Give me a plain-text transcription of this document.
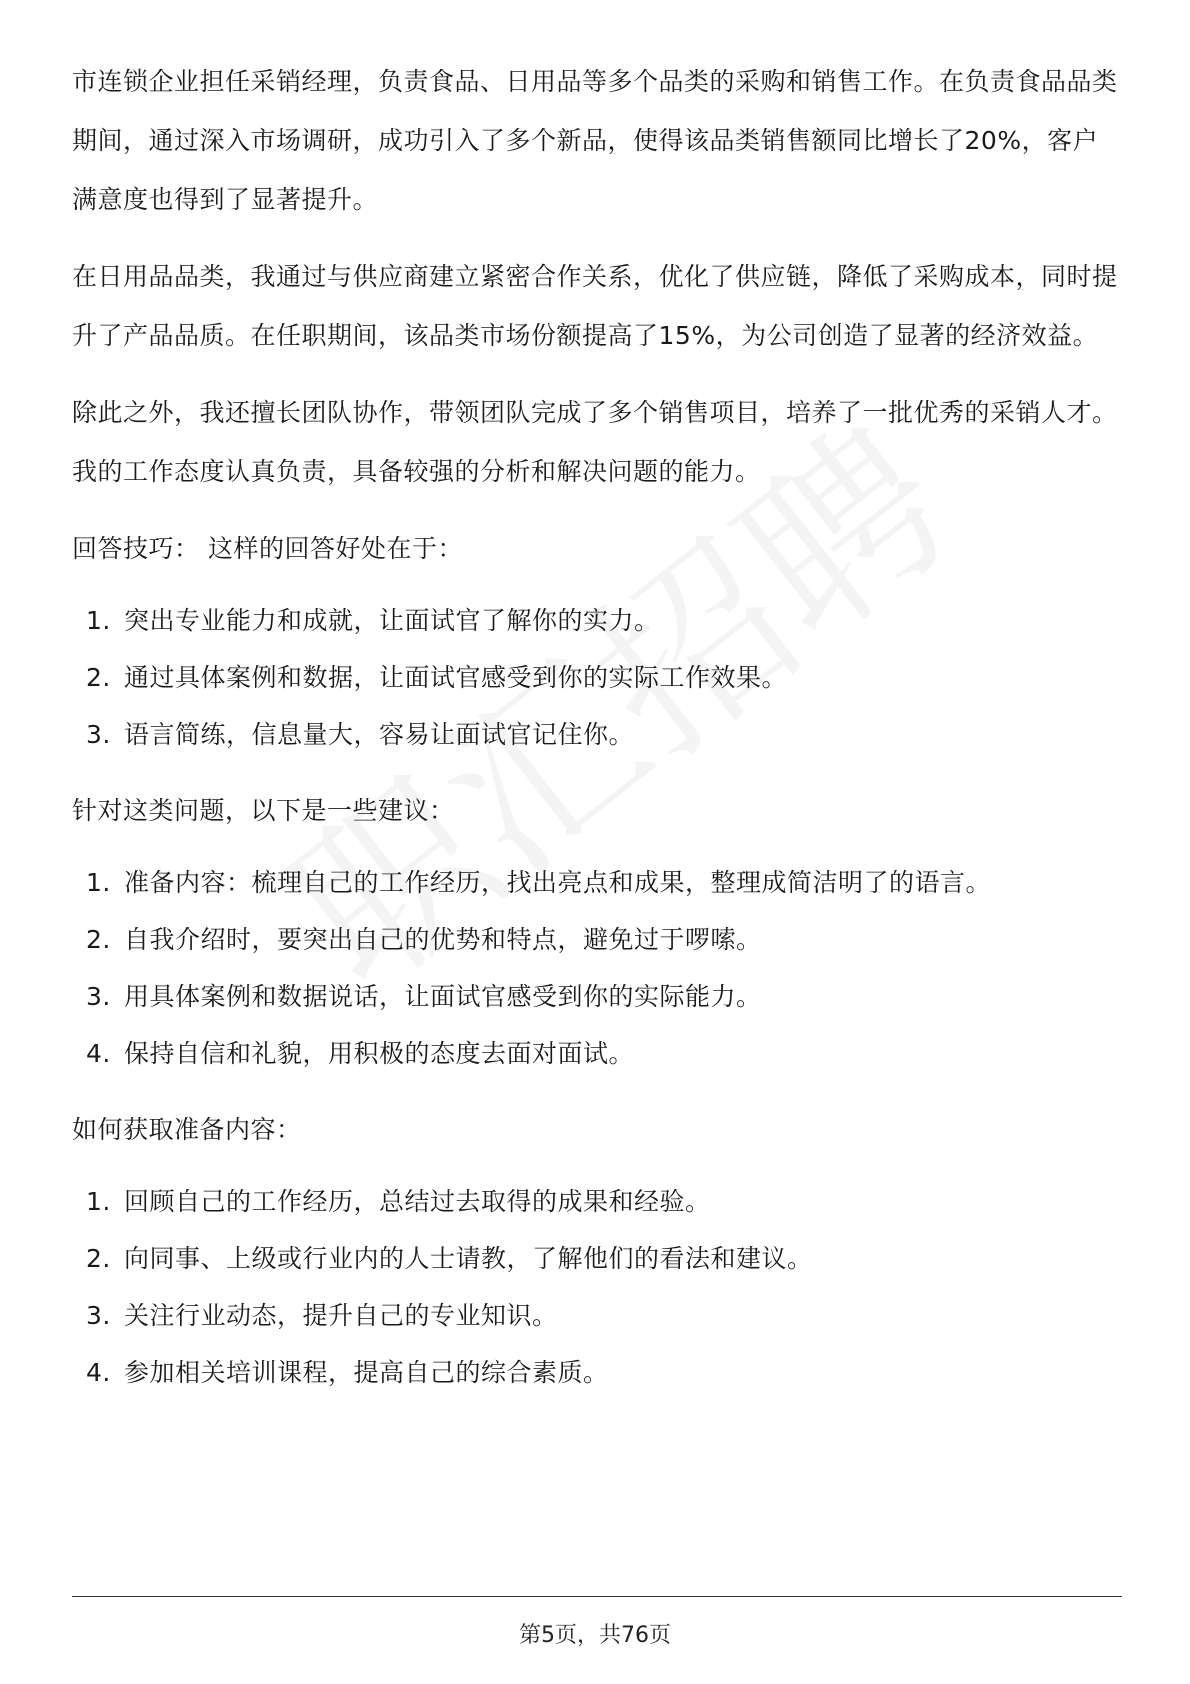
市连锁企业担任采销经理，负责食品、日用品等多个品类的采购和销售工作。在负责食品品类期间，通过深入市场调研，成功引入了多个新品，使得该品类销售额同比增长了20%，客户满意度也得到了显著提升。

在日用品品类，我通过与供应商建立紧密合作关系，优化了供应链，降低了采购成本，同时提升了产品品质。在任职期间，该品类市场份额提高了15%，为公司创造了显著的经济效益。

除此之外，我还擅长团队协作，带领团队完成了多个销售项目，培养了一批优秀的采销人才。我的工作态度认真负责，具备较强的分析和解决问题的能力。

回答技巧： 这样的回答好处在于：

1. 突出专业能力和成就，让面试官了解你的实力。
2. 通过具体案例和数据，让面试官感受到你的实际工作效果。
3. 语言简练，信息量大，容易让面试官记住你。

针对这类问题，以下是一些建议：

1. 准备内容：梳理自己的工作经历，找出亮点和成果，整理成简洁明了的语言。
2. 自我介绍时，要突出自己的优势和特点，避免过于啰嗦。
3. 用具体案例和数据说话，让面试官感受到你的实际能力。
4. 保持自信和礼貌，用积极的态度去面对面试。

如何获取准备内容：

1. 回顾自己的工作经历，总结过去取得的成果和经验。
2. 向同事、上级或行业内的人士请教，了解他们的看法和建议。
3. 关注行业动态，提升自己的专业知识。
4. 参加相关培训课程，提高自己的综合素质。
第5页，共76页
